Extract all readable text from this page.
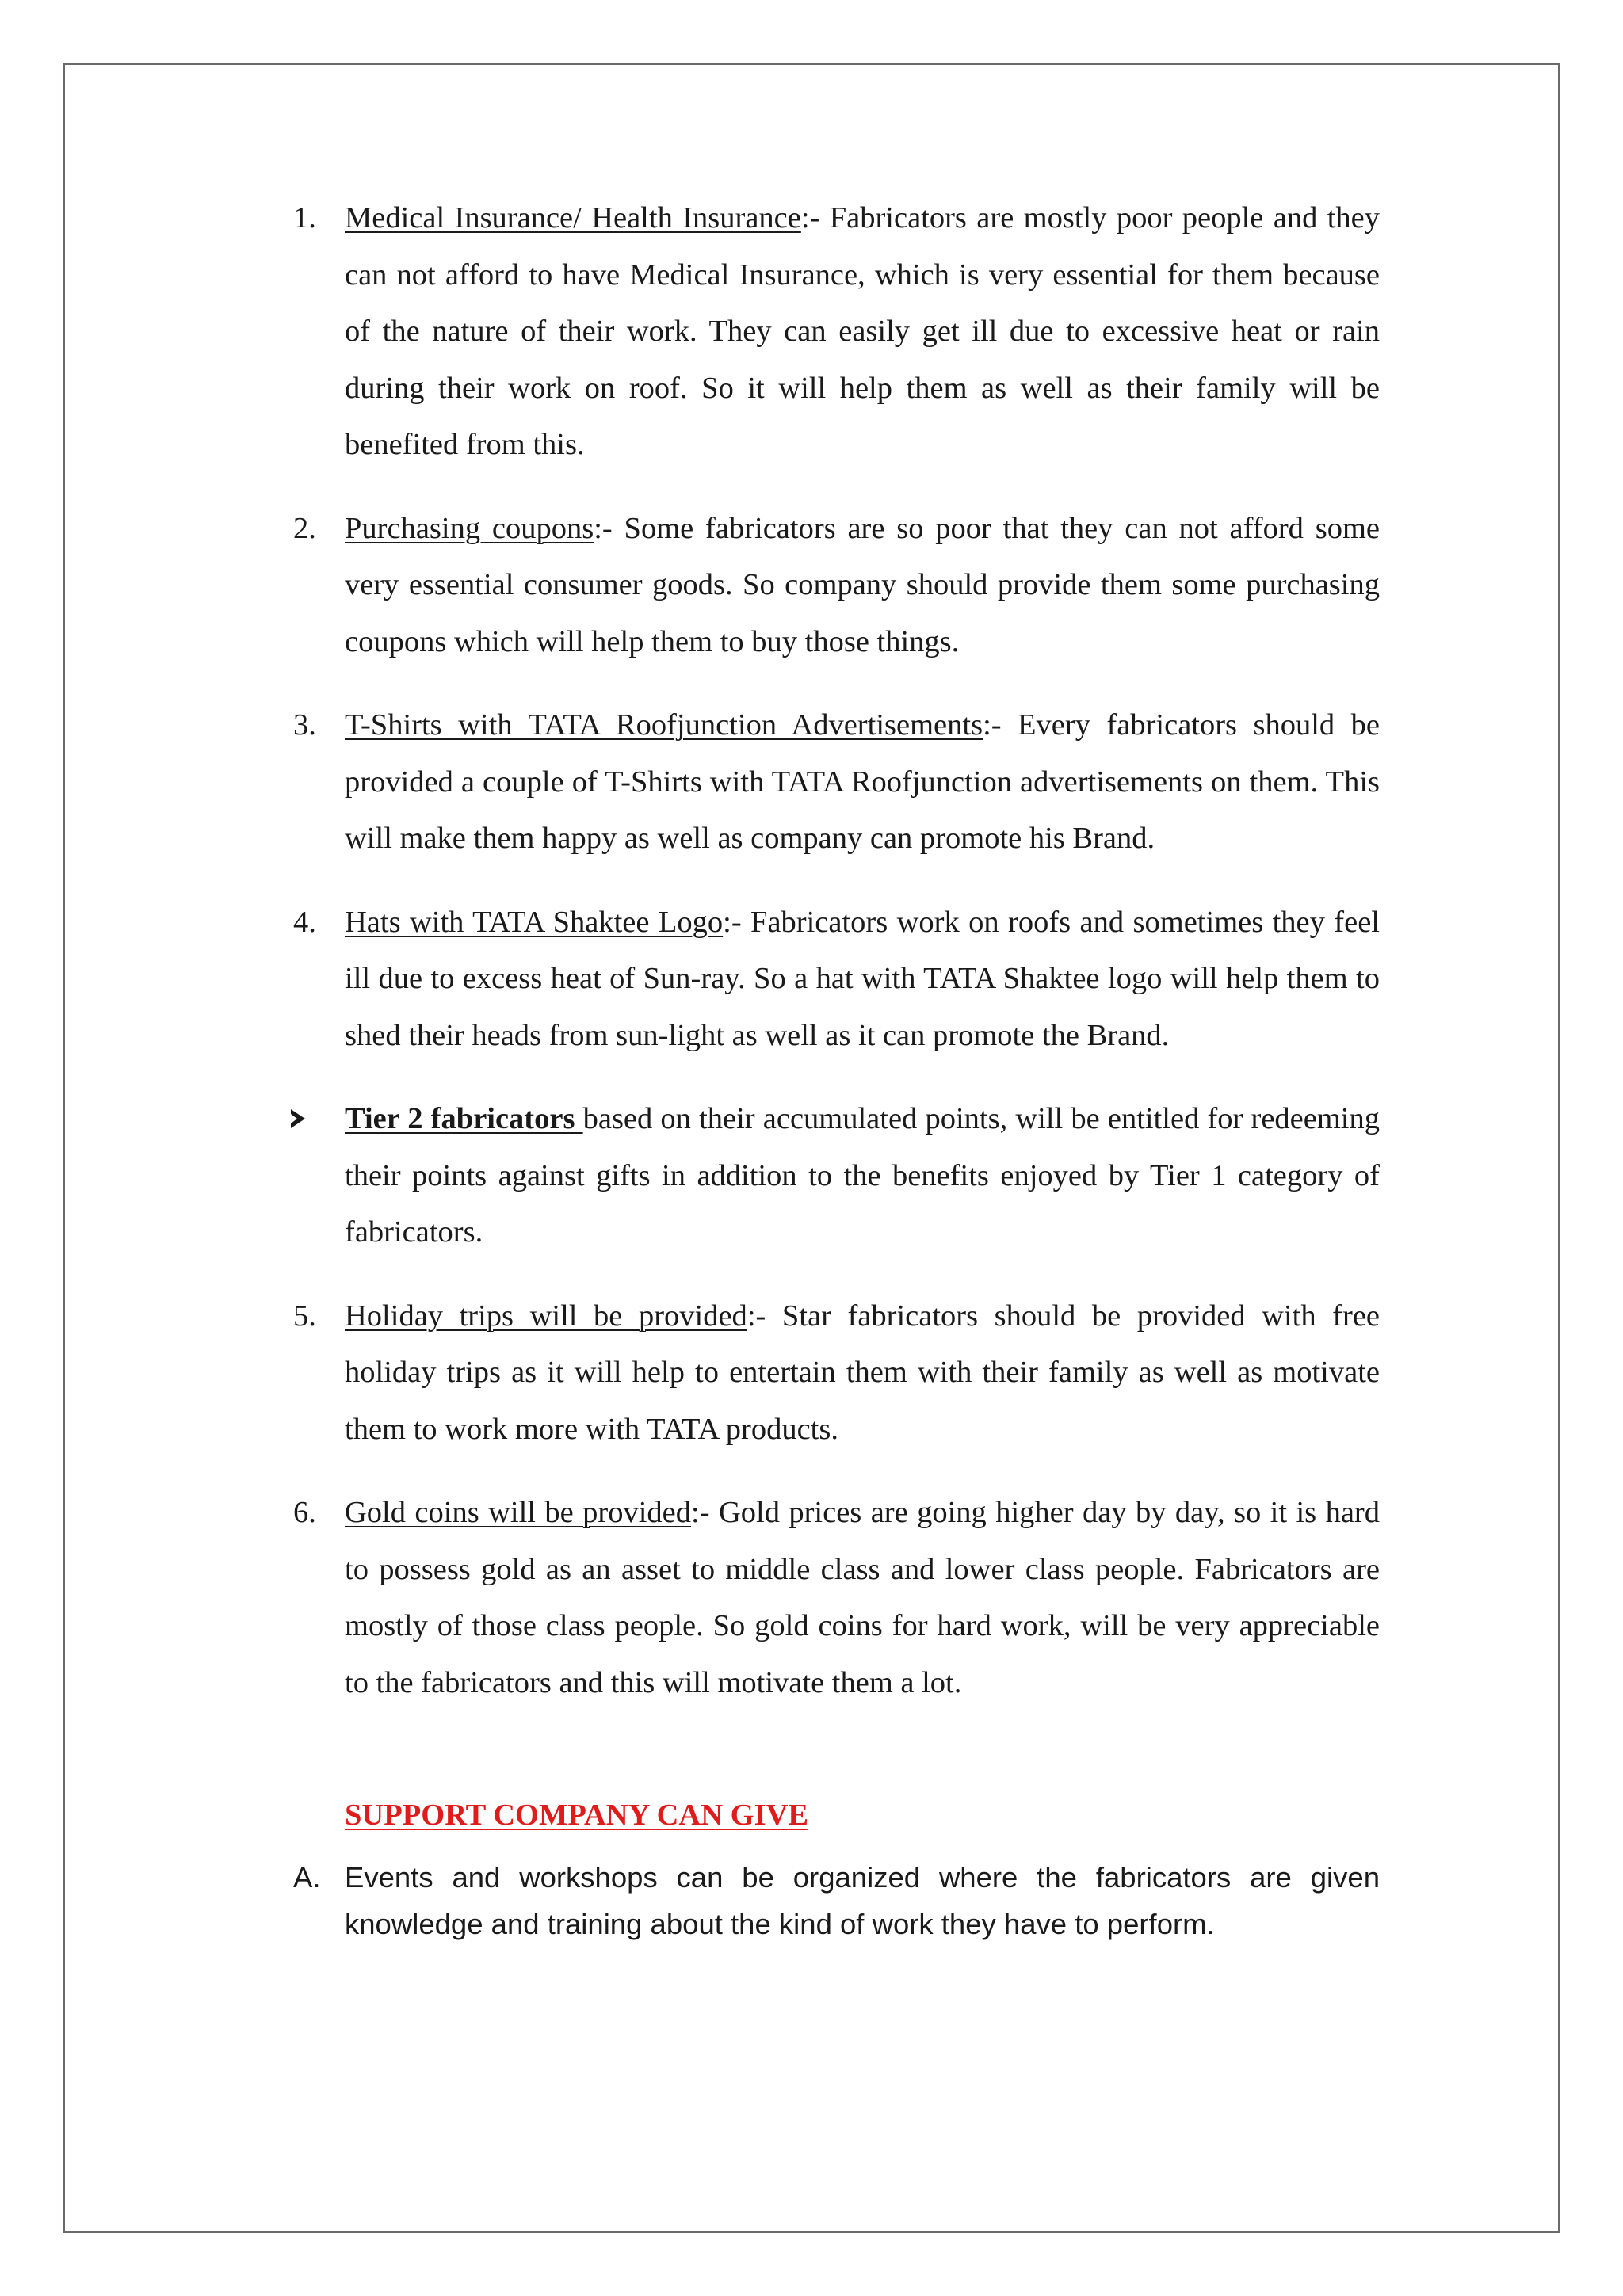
1. Medical Insurance/ Health Insurance:- Fabricators are mostly poor people and they can not afford to have Medical Insurance, which is very essential for them because of the nature of their work. They can easily get ill due to excessive heat or rain during their work on roof. So it will help them as well as their family will be benefited from this.

2. Purchasing coupons:- Some fabricators are so poor that they can not afford some very essential consumer goods. So company should provide them some purchasing coupons which will help them to buy those things.

3. T-Shirts with TATA Roofjunction Advertisements:- Every fabricators should be provided a couple of T-Shirts with TATA Roofjunction advertisements on them. This will make them happy as well as company can promote his Brand.

4. Hats with TATA Shaktee Logo:- Fabricators work on roofs and sometimes they feel ill due to excess heat of Sun-ray. So a hat with TATA Shaktee logo will help them to shed their heads from sun-light as well as it can promote the Brand.

Tier 2 fabricators based on their accumulated points, will be entitled for redeeming their points against gifts in addition to the benefits enjoyed by Tier 1 category of fabricators.

5. Holiday trips will be provided:- Star fabricators should be provided with free holiday trips as it will help to entertain them with their family as well as motivate them to work more with TATA products.

6. Gold coins will be provided:- Gold prices are going higher day by day, so it is hard to possess gold as an asset to middle class and lower class people. Fabricators are mostly of those class people. So gold coins for hard work, will be very appreciable to the fabricators and this will motivate them a lot.

SUPPORT COMPANY CAN GIVE

A. Events and workshops can be organized where the fabricators are given knowledge and training about the kind of work they have to perform.
